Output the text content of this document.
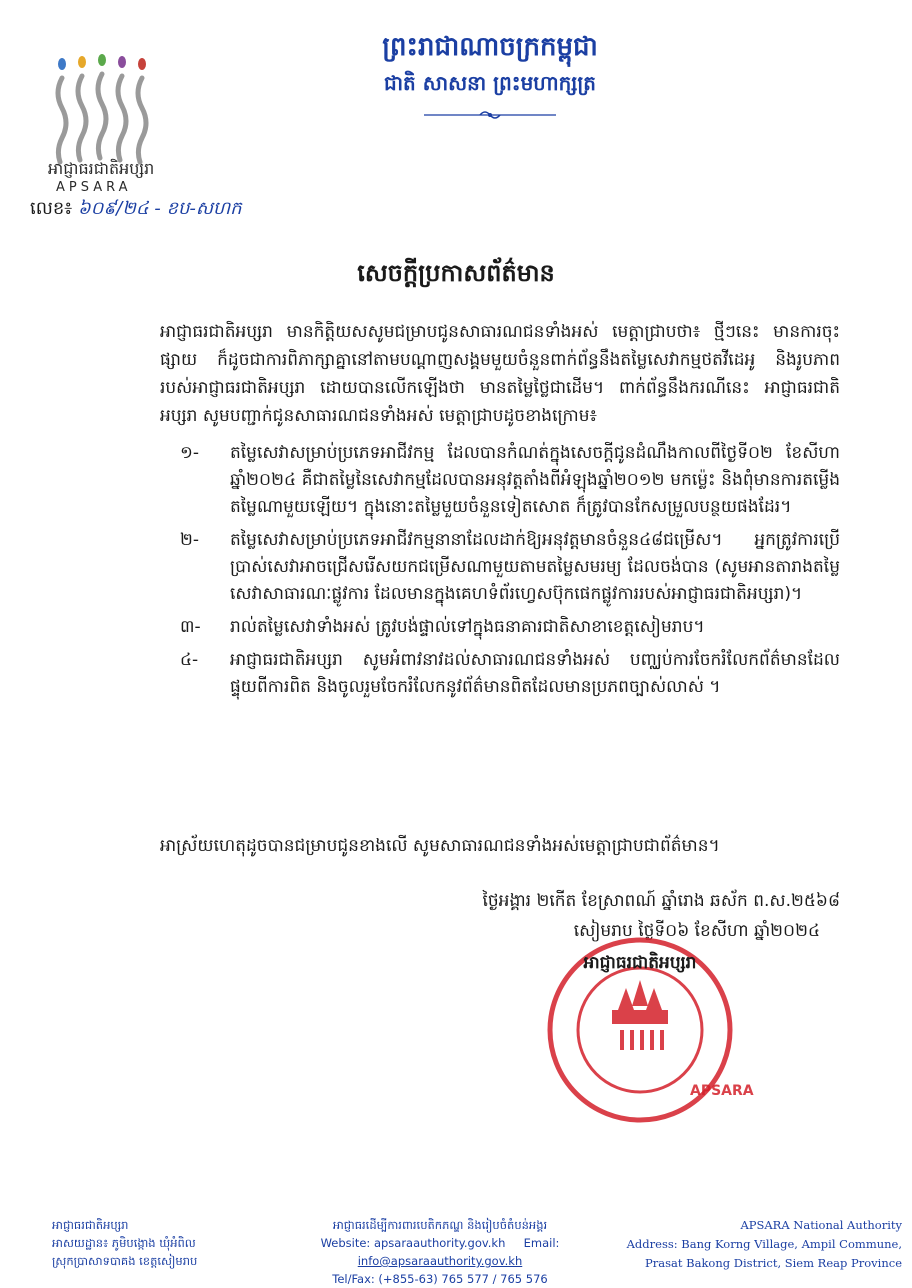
អាជ្ញាធរជាតិអប្សរា
APSARA
ព្រះរាជាណាចក្រកម្ពុជា
ជាតិ សាសនា ព្រះមហាក្សត្រ
លេខ៖ ៦០៩/២៤ - ខប-សហក
សេចក្តីប្រកាសព័ត៌មាន
អាជ្ញាធរជាតិអប្សរា មានកិត្តិយសសូមជម្រាបជូនសាធារណជនទាំងអស់ មេត្តាជ្រាបថា៖ ថ្មីៗនេះ មានការចុះផ្សាយ ក៏ដូចជាការពិភាក្សាគ្នានៅតាមបណ្តាញសង្គមមួយចំនួនពាក់ព័ន្ធនឹងតម្លៃសេវាកម្មថតវីដេអូ និងរូបភាពរបស់អាជ្ញាធរជាតិអប្សរា ដោយបានលើកឡើងថា មានតម្លៃថ្លៃជាដើម។ ពាក់ព័ន្ធនឹងករណីនេះ អាជ្ញាធរជាតិអប្សរា សូមបញ្ជាក់ជូនសាធារណជនទាំងអស់ មេត្តាជ្រាបដូចខាងក្រោម៖
១-	តម្លៃសេវាសម្រាប់ប្រភេទអាជីវកម្ម ដែលបានកំណត់ក្នុងសេចក្តីជូនដំណឹងកាលពីថ្ងៃទី០២ ខែសីហា ឆ្នាំ២០២៤ គឺជាតម្លៃនៃសេវាកម្មដែលបានអនុវត្តតាំងពីអំឡុងឆ្នាំ២០១២ មកម្ល៉េះ និងពុំមានការតម្លើងតម្លៃណាមួយឡើយ។ ក្នុងនោះតម្លៃមួយចំនួនទៀតសោត ក៏ត្រូវបានកែសម្រួលបន្ថយផងដែរ។
២-	តម្លៃសេវាសម្រាប់ប្រភេទអាជីវកម្មនានាដែលដាក់ឱ្យអនុវត្តមានចំនួន៤៨ជម្រើស។ អ្នកត្រូវការប្រើប្រាស់សេវាអាចជ្រើសរើសយកជម្រើសណាមួយតាមតម្លៃសមរម្យ ដែលចង់បាន (សូមអានតារាងតម្លៃសេវាសាធារណៈផ្លូវការ ដែលមានក្នុងគេហទំព័រហ្វេសប៊ុកផេកផ្លូវការរបស់អាជ្ញាធរជាតិអប្សរា)។
៣-	រាល់តម្លៃសេវាទាំងអស់ ត្រូវបង់ផ្ទាល់ទៅក្នុងធនាគារជាតិសាខាខេត្តសៀមរាប។
៤-	អាជ្ញាធរជាតិអប្សរា សូមអំពាវនាវដល់សាធារណជនទាំងអស់ បញ្ឈប់ការចែករំលែកព័ត៌មានដែលផ្ទុយពីការពិត និងចូលរួមចែករំលែកនូវព័ត៌មានពិតដែលមានប្រភពច្បាស់លាស់ ។
អាស្រ័យហេតុដូចបានជម្រាបជូនខាងលើ សូមសាធារណជនទាំងអស់មេត្តាជ្រាបជាព័ត៌មាន។
ថ្ងៃអង្គារ ២កើត ខែស្រាពណ៍ ឆ្នាំរោង ឆស័ក ព.ស.២៥៦៨
សៀមរាប ថ្ងៃទី០៦ ខែសីហា ឆ្នាំ២០២៤
APSARA
អាជ្ញាធរជាតិអប្សរា
អាជ្ញាធរជាតិអប្សរា
អាសយដ្ឋាន៖ ភូមិបង្កោង ឃុំអំពិល
ស្រុកប្រាសាទបាគង ខេត្តសៀមរាប
អាជ្ញាធរដើម្បីការពារបេតិកភណ្ឌ និងរៀបចំតំបន់អង្គរ
Website: apsaraauthority.gov.kh Email: info@apsaraauthority.gov.kh
Tel/Fax: (+855-63) 765 577 / 765 576
APSARA National Authority
Address: Bang Korng Village, Ampil Commune,
Prasat Bakong District, Siem Reap Province
